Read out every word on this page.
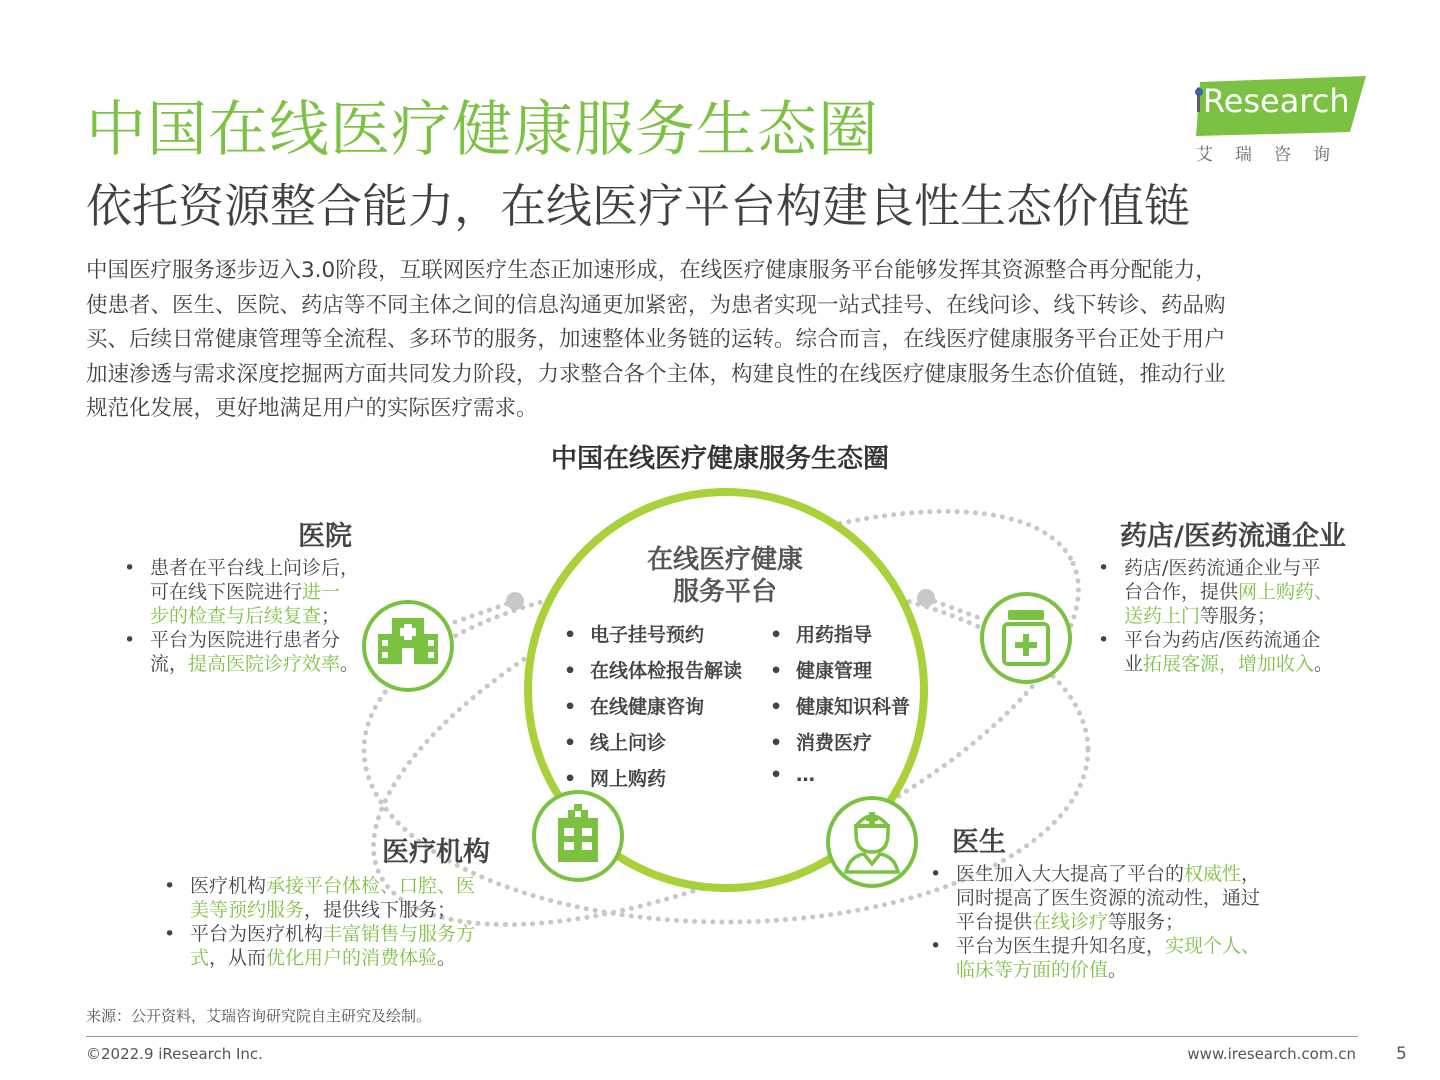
中国在线医疗健康服务生态圈
依托资源整合能力，在线医疗平台构建良性生态价值链
iResearch
艾瑞咨询
中国医疗服务逐步迈入3.0阶段，互联网医疗生态正加速形成，在线医疗健康服务平台能够发挥其资源整合再分配能力，
使患者、医生、医院、药店等不同主体之间的信息沟通更加紧密，为患者实现一站式挂号、在线问诊、线下转诊、药品购
买、后续日常健康管理等全流程、多环节的服务，加速整体业务链的运转。综合而言，在线医疗健康服务平台正处于用户
加速渗透与需求深度挖掘两方面共同发力阶段，力求整合各个主体，构建良性的在线医疗健康服务生态价值链，推动行业
规范化发展，更好地满足用户的实际医疗需求。
中国在线医疗健康服务生态圈
在线医疗健康
服务平台
• 电子挂号预约
• 在线体检报告解读
• 在线健康咨询
• 线上问诊
• 网上购药
• 用药指导
• 健康管理
• 健康知识科普
• 消费医疗
• …
医院
• 患者在平台线上问诊后，
可在线下医院进行进一
步的检查与后续复查；
• 平台为医院进行患者分
流，提高医院诊疗效率。
药店/医药流通企业
• 药店/医药流通企业与平
台合作，提供网上购药、
送药上门等服务；
• 平台为药店/医药流通企
业拓展客源，增加收入。
医疗机构
• 医疗机构承接平台体检、口腔、医
美等预约服务，提供线下服务；
• 平台为医疗机构丰富销售与服务方
式，从而优化用户的消费体验。
医生
• 医生加入大大提高了平台的权威性，
同时提高了医生资源的流动性，通过
平台提供在线诊疗等服务；
• 平台为医生提升知名度，实现个人、
临床等方面的价值。
来源：公开资料，艾瑞咨询研究院自主研究及绘制。
©2022.9 iResearch Inc.	www.iresearch.com.cn 5
